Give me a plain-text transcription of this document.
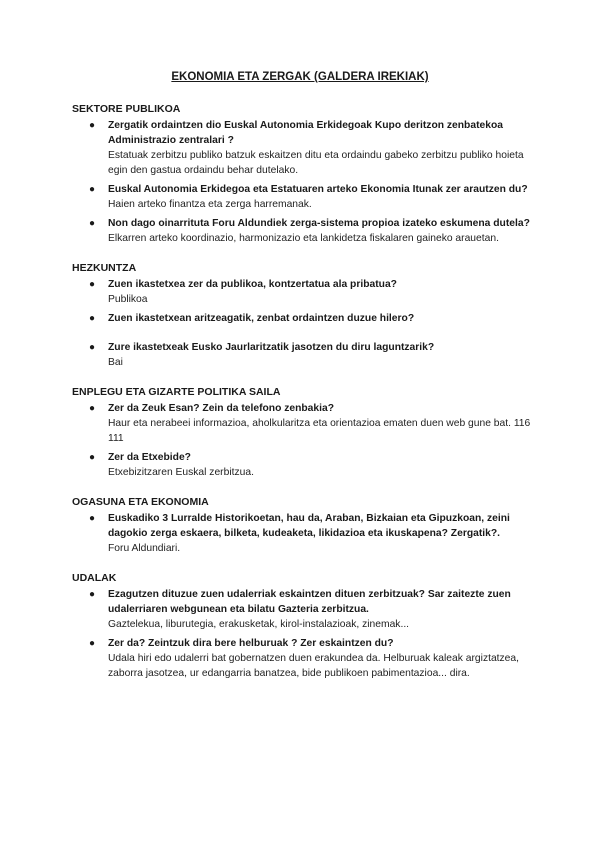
EKONOMIA ETA ZERGAK (GALDERA IREKIAK)
SEKTORE PUBLIKOA
● Zergatik ordaintzen dio Euskal Autonomia Erkidegoak Kupo deritzon zenbatekoa Administrazio zentralari ?

Estatuak zerbitzu publiko batzuk eskaitzen ditu eta ordaindu gabeko zerbitzu publiko hoieta egin den gastua ordaindu behar dutelako.

● Euskal Autonomia Erkidegoa eta Estatuaren arteko Ekonomia Itunak zer arautzen du?

Haien arteko finantza eta zerga harremanak.

● Non dago oinarrituta Foru Aldundiek zerga-sistema propioa izateko eskumena dutela?

Elkarren arteko koordinazio, harmonizazio eta lankidetza fiskalaren gaineko arauetan.

HEZKUNTZA
● Zuen ikastetxea zer da publikoa, kontzertatua ala pribatua?

Publikoa

● Zuen ikastetxean aritzeagatik, zenbat ordaintzen duzue hilero?

● Zure ikastetxeak Eusko Jaurlaritzatik jasotzen du diru laguntzarik?

Bai

ENPLEGU ETA GIZARTE POLITIKA SAILA
● Zer da Zeuk Esan? Zein da telefono zenbakia?

Haur eta nerabeei informazioa, aholkularitza eta orientazioa ematen duen web gune bat. 116 111

● Zer da Etxebide?

Etxebizitzaren Euskal zerbitzua.

OGASUNA ETA EKONOMIA
● Euskadiko 3 Lurralde Historikoetan, hau da, Araban, Bizkaian eta Gipuzkoan, zeini dagokio zerga eskaera, bilketa, kudeaketa, likidazioa eta ikuskapena? Zergatik?.

Foru Aldundiari.

UDALAK
● Ezagutzen dituzue zuen udalerriak eskaintzen dituen zerbitzuak? Sar zaitezte zuen udalerriaren webgunean eta bilatu Gazteria zerbitzua.

Gaztelekua, liburutegia, erakusketak, kirol-instalazioak, zinemak...

● Zer da? Zeintzuk dira bere helburuak ? Zer eskaintzen du?

Udala hiri edo udalerri bat gobernatzen duen erakundea da. Helburuak kaleak argiztatzea, zaborra jasotzea, ur edangarria banatzea, bide publikoen pabimentazioa... dira.
